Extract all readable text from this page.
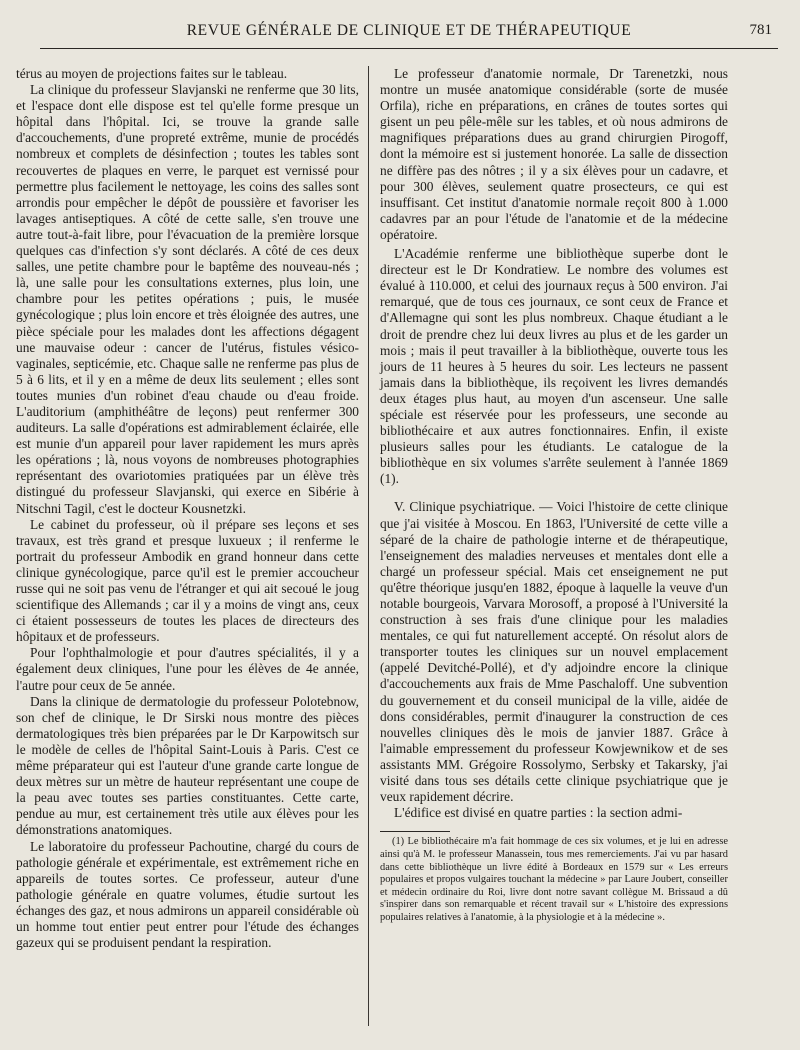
REVUE GÉNÉRALE DE CLINIQUE ET DE THÉRAPEUTIQUE	781

térus au moyen de projections faites sur le tableau.

La clinique du professeur Slavjanski ne renferme que 30 lits, et l'espace dont elle dispose est tel qu'elle forme presque un hôpital dans l'hôpital. Ici, se trouve la grande salle d'accouchements, d'une propreté extrême, munie de procédés nombreux et complets de désinfection ; toutes les tables sont recouvertes de plaques en verre, le parquet est vernissé pour permettre plus facilement le nettoyage, les coins des salles sont arrondis pour empêcher le dépôt de poussière et favoriser les lavages antiseptiques. A côté de cette salle, s'en trouve une autre tout-à-fait libre, pour l'évacuation de la première lorsque quelques cas d'infection s'y sont déclarés. A côté de ces deux salles, une petite chambre pour le baptême des nouveau-nés ; là, une salle pour les consultations externes, plus loin, une chambre pour les petites opérations ; puis, le musée gynécologique ; plus loin encore et très éloignée des autres, une pièce spéciale pour les malades dont les affections dégagent une mauvaise odeur : cancer de l'utérus, fistules vésico-vaginales, septicémie, etc. Chaque salle ne renferme pas plus de 5 à 6 lits, et il y en a même de deux lits seulement ; elles sont toutes munies d'un robinet d'eau chaude ou d'eau froide. L'auditorium (amphithéâtre de leçons) peut renfermer 300 auditeurs. La salle d'opérations est admirablement éclairée, elle est munie d'un appareil pour laver rapidement les murs après les opérations ; là, nous voyons de nombreuses photographies représentant des ovariotomies pratiquées par un élève très distingué du professeur Slavjanski, qui exerce en Sibérie à Nitschni Tagil, c'est le docteur Kousnetzki.

Le cabinet du professeur, où il prépare ses leçons et ses travaux, est très grand et presque luxueux ; il renferme le portrait du professeur Ambodik en grand honneur dans cette clinique gynécologique, parce qu'il est le premier accoucheur russe qui ne soit pas venu de l'étranger et qui ait secoué le joug scientifique des Allemands ; car il y a moins de vingt ans, ceux ci étaient possesseurs de toutes les places de directeurs des hôpitaux et de professeurs.

Pour l'ophthalmologie et pour d'autres spécialités, il y a également deux cliniques, l'une pour les élèves de 4e année, l'autre pour ceux de 5e année.

Dans la clinique de dermatologie du professeur Polotebnow, son chef de clinique, le Dr Sirski nous montre des pièces dermatologiques très bien préparées par le Dr Karpowitsch sur le modèle de celles de l'hôpital Saint-Louis à Paris. C'est ce même préparateur qui est l'auteur d'une grande carte longue de deux mètres sur un mètre de hauteur représentant une coupe de la peau avec toutes ses parties constituantes. Cette carte, pendue au mur, est certainement très utile aux élèves pour les démonstrations anatomiques.

Le laboratoire du professeur Pachoutine, chargé du cours de pathologie générale et expérimentale, est extrêmement riche en appareils de toutes sortes. Ce professeur, auteur d'une pathologie générale en quatre volumes, étudie surtout les échanges des gaz, et nous admirons un appareil considérable où un homme tout entier peut entrer pour l'étude des échanges gazeux qui se produisent pendant la respiration.

Le professeur d'anatomie normale, Dr Tarenetzki, nous montre un musée anatomique considérable (sorte de musée Orfila), riche en préparations, en crânes de toutes sortes qui gisent un peu pêle-mêle sur les tables, et où nous admirons de magnifiques préparations dues au grand chirurgien Pirogoff, dont la mémoire est si justement honorée. La salle de dissection ne diffère pas des nôtres ; il y a six élèves pour un cadavre, et pour 300 élèves, seulement quatre prosecteurs, ce qui est insuffisant. Cet institut d'anatomie normale reçoit 800 à 1.000 cadavres par an pour l'étude de l'anatomie et de la médecine opératoire.

L'Académie renferme une bibliothèque superbe dont le directeur est le Dr Kondratiew. Le nombre des volumes est évalué à 110.000, et celui des journaux reçus à 500 environ. J'ai remarqué, que de tous ces journaux, ce sont ceux de France et d'Allemagne qui sont les plus nombreux. Chaque étudiant a le droit de prendre chez lui deux livres au plus et de les garder un mois ; mais il peut travailler à la bibliothèque, ouverte tous les jours de 11 heures à 5 heures du soir. Les lecteurs ne passent jamais dans la bibliothèque, ils reçoivent les livres demandés deux étages plus haut, au moyen d'un ascenseur. Une salle spéciale est réservée pour les professeurs, une seconde au bibliothécaire et aux autres fonctionnaires. Enfin, il existe plusieurs salles pour les étudiants. Le catalogue de la bibliothèque en six volumes s'arrête seulement à l'année 1869 (1).

V. Clinique psychiatrique. — Voici l'histoire de cette clinique que j'ai visitée à Moscou. En 1863, l'Université de cette ville a séparé de la chaire de pathologie interne et de thérapeutique, l'enseignement des maladies nerveuses et mentales dont elle a chargé un professeur spécial. Mais cet enseignement ne put qu'être théorique jusqu'en 1882, époque à laquelle la veuve d'un notable bourgeois, Varvara Morosoff, a proposé à l'Université la construction à ses frais d'une clinique pour les maladies mentales, ce qui fut naturellement accepté. On résolut alors de transporter toutes les cliniques sur un nouvel emplacement (appelé Devitché-Pollé), et d'y adjoindre encore la clinique d'accouchements aux frais de Mme Paschaloff. Une subvention du gouvernement et du conseil municipal de la ville, aidée de dons considérables, permit d'inaugurer la construction de ces nouvelles cliniques dès le mois de janvier 1887. Grâce à l'aimable empressement du professeur Kowjewnikow et de ses assistants MM. Grégoire Rossolymo, Serbsky et Takarsky, j'ai visité dans tous ses détails cette clinique psychiatrique que je veux rapidement décrire.

L'édifice est divisé en quatre parties : la section admi-

(1) Le bibliothécaire m'a fait hommage de ces six volumes, et je lui en adresse ainsi qu'à M. le professeur Manassein, tous mes remerciements. J'ai vu par hasard dans cette bibliothèque un livre édité à Bordeaux en 1579 sur « Les erreurs populaires et propos vulgaires touchant la médecine » par Laure Joubert, conseiller et médecin ordinaire du Roi, livre dont notre savant collègue M. Brissaud a dû s'inspirer dans son remarquable et récent travail sur « L'histoire des expressions populaires relatives à l'anatomie, à la physiologie et à la médecine ».
